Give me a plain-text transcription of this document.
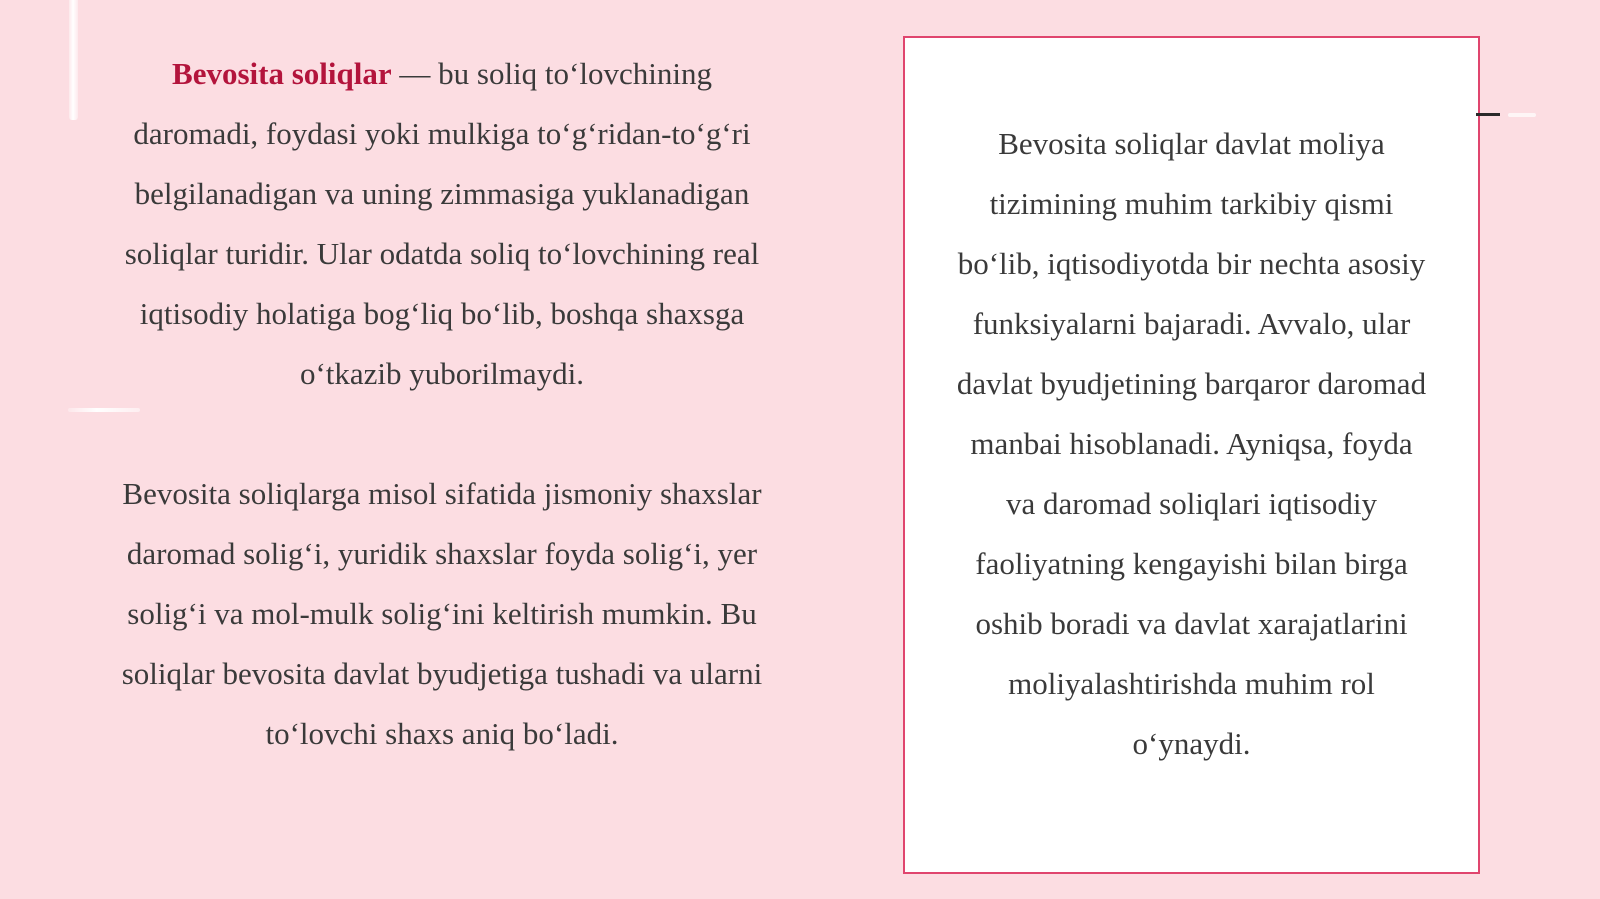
Bevosita soliqlar — bu soliq to‘lovchining daromadi, foydasi yoki mulkiga to‘g‘ridan-to‘g‘ri belgilanadigan va uning zimmasiga yuklanadigan soliqlar turidir. Ular odatda soliq to‘lovchining real iqtisodiy holatiga bog‘liq bo‘lib, boshqa shaxsga o‘tkazib yuborilmaydi.

Bevosita soliqlarga misol sifatida jismoniy shaxslar daromad solig‘i, yuridik shaxslar foyda solig‘i, yer solig‘i va mol-mulk solig‘ini keltirish mumkin. Bu soliqlar bevosita davlat byudjetiga tushadi va ularni to‘lovchi shaxs aniq bo‘ladi.

Bevosita soliqlar davlat moliya tizimining muhim tarkibiy qismi bo‘lib, iqtisodiyotda bir nechta asosiy funksiyalarni bajaradi. Avvalo, ular davlat byudjetining barqaror daromad manbai hisoblanadi. Ayniqsa, foyda va daromad soliqlari iqtisodiy faoliyatning kengayishi bilan birga oshib boradi va davlat xarajatlarini moliyalashtirishda muhim rol o‘ynaydi.
